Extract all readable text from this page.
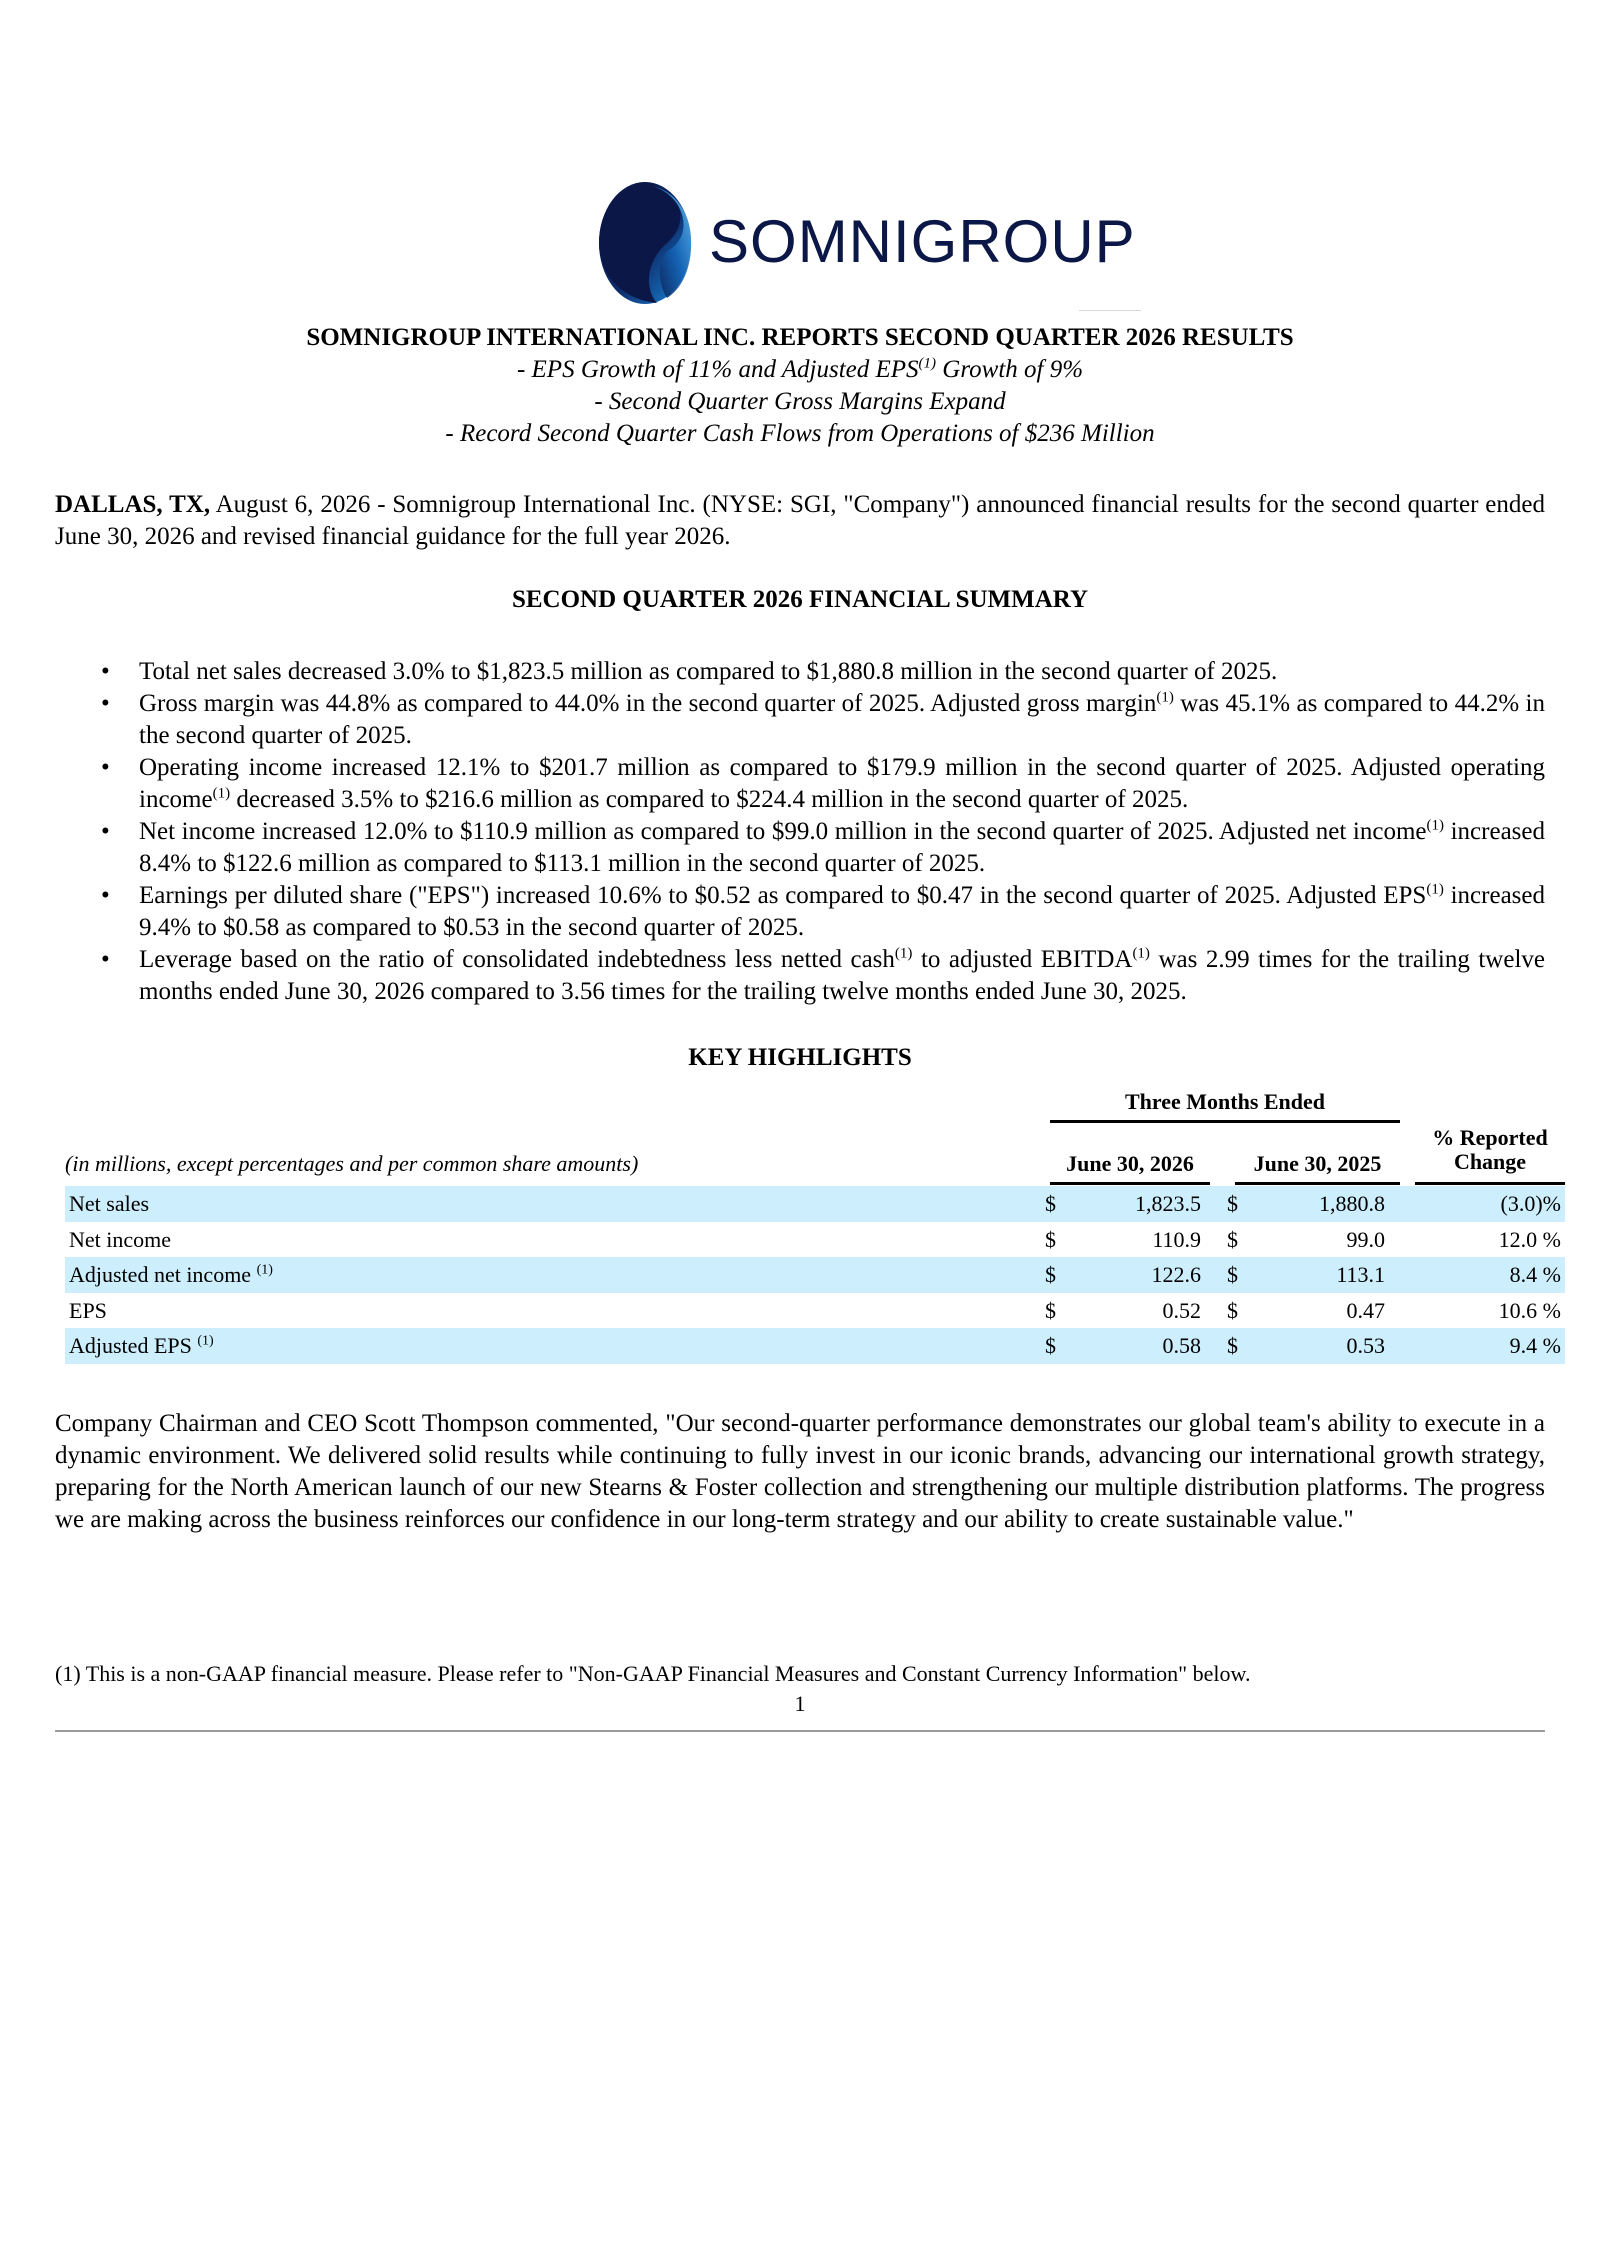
SOMNIGROUP
SOMNIGROUP INTERNATIONAL INC. REPORTS SECOND QUARTER 2026 RESULTS
- EPS Growth of 11% and Adjusted EPS$^{(1)}$ Growth of 9%
- Second Quarter Gross Margins Expand
- Record Second Quarter Cash Flows from Operations of $236 Million

DALLAS, TX, August 6, 2026 - Somnigroup International Inc. (NYSE: SGI, "Company") announced financial results for the second quarter ended June 30, 2026 and revised financial guidance for the full year 2026.

SECOND QUARTER 2026 FINANCIAL SUMMARY
• Total net sales decreased 3.0% to $1,823.5 million as compared to $1,880.8 million in the second quarter of 2025.
• Gross margin was 44.8% as compared to 44.0% in the second quarter of 2025. Adjusted gross margin$^{(1)}$ was 45.1% as compared to 44.2% in the second quarter of 2025.
• Operating income increased 12.1% to $201.7 million as compared to $179.9 million in the second quarter of 2025. Adjusted operating income$^{(1)}$ decreased 3.5% to $216.6 million as compared to $224.4 million in the second quarter of 2025.
• Net income increased 12.0% to $110.9 million as compared to $99.0 million in the second quarter of 2025. Adjusted net income$^{(1)}$ increased 8.4% to $122.6 million as compared to $113.1 million in the second quarter of 2025.
• Earnings per diluted share ("EPS") increased 10.6% to $0.52 as compared to $0.47 in the second quarter of 2025. Adjusted EPS$^{(1)}$ increased 9.4% to $0.58 as compared to $0.53 in the second quarter of 2025.
• Leverage based on the ratio of consolidated indebtedness less netted cash$^{(1)}$ to adjusted EBITDA$^{(1)}$ was 2.99 times for the trailing twelve months ended June 30, 2026 compared to 3.56 times for the trailing twelve months ended June 30, 2025.
KEY HIGHLIGHTS
Three Months Ended
(in millions, except percentages and per common share amounts)	June 30, 2026	June 30, 2025
% Reported
Change
Net sales	$	1,823.5 $	1,880.8	(3.0)%
Net income	$	110.9 $	99.0	12.0 %
Adjusted net income $^{(1)}$	$	122.6 $	113.1	8.4 %
EPS	$	0.52 $	0.47	10.6 %
Adjusted EPS $^{(1)}$	$	0.58 $	0.53	9.4 %

Company Chairman and CEO Scott Thompson commented, "Our second-quarter performance demonstrates our global team's ability to execute in a dynamic environment. We delivered solid results while continuing to fully invest in our iconic brands, advancing our international growth strategy, preparing for the North American launch of our new Stearns & Foster collection and strengthening our multiple distribution platforms. The progress we are making across the business reinforces our confidence in our long-term strategy and our ability to create sustainable value."

(1) This is a non-GAAP financial measure. Please refer to "Non-GAAP Financial Measures and Constant Currency Information" below.
1
